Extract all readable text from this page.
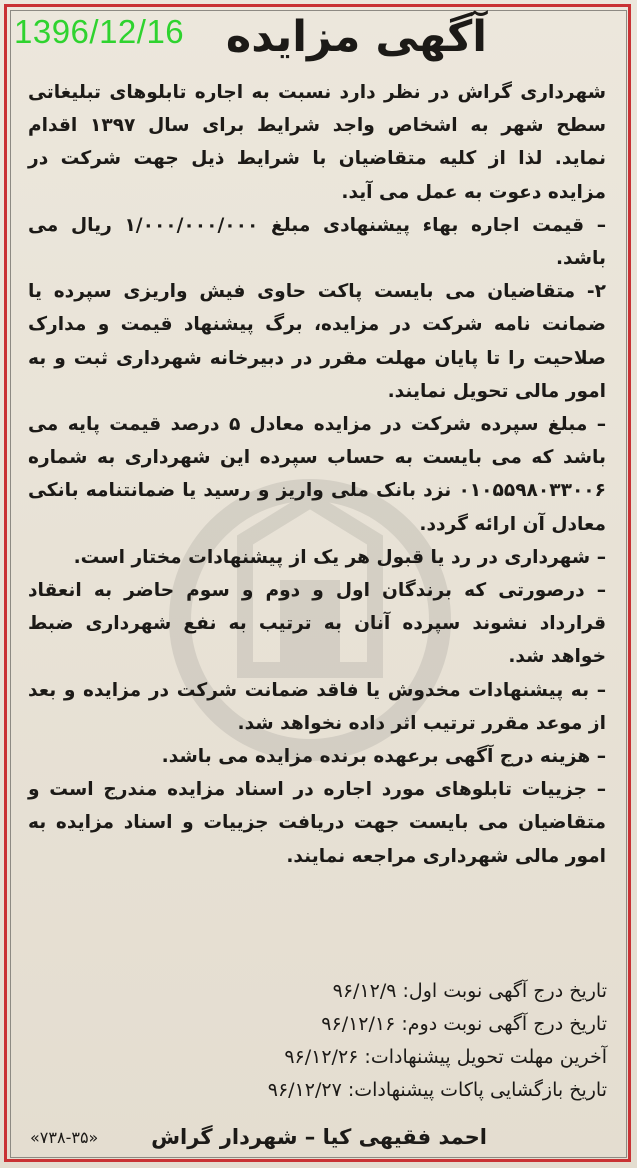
1396/12/16 آگهی مزایده

شهرداری گراش در نظر دارد نسبت به اجاره تابلوهای تبلیغاتی سطح شهر به اشخاص واجد شرایط برای سال ۱۳۹۷ اقدام نماید. لذا از کلیه متقاضیان با شرایط ذیل جهت شرکت در مزایده دعوت به عمل می آید.

– قیمت اجاره بهاء پیشنهادی مبلغ ۱/۰۰۰/۰۰۰/۰۰۰ ریال می باشد.

۲- متقاضیان می بایست پاکت حاوی فیش واریزی سپرده یا ضمانت نامه شرکت در مزایده، برگ پیشنهاد قیمت و مدارک صلاحیت را تا پایان مهلت مقرر در دبیرخانه شهرداری ثبت و به امور مالی تحویل نمایند.

– مبلغ سپرده شرکت در مزایده معادل ۵ درصد قیمت پایه می باشد که می بایست به حساب سپرده این شهرداری به شماره ۰۱۰۵۵۹۸۰۳۳۰۰۶ نزد بانک ملی واریز و رسید یا ضمانتنامه بانکی معادل آن ارائه گردد.

– شهرداری در رد یا قبول هر یک از پیشنهادات مختار است.

– درصورتی که برندگان اول و دوم و سوم حاضر به انعقاد قرارداد نشوند سپرده آنان به ترتیب به نفع شهرداری ضبط خواهد شد.

– به پیشنهادات مخدوش یا فاقد ضمانت شرکت در مزایده و بعد از موعد مقرر ترتیب اثر داده نخواهد شد.

– هزینه درج آگهی برعهده برنده مزایده می باشد.

– جزییات تابلوهای مورد اجاره در اسناد مزایده مندرج است و متقاضیان می بایست جهت دریافت جزییات و اسناد مزایده به امور مالی شهرداری مراجعه نمایند.

تاریخ درج آگهی نوبت اول: ۹۶/۱۲/۹
تاریخ درج آگهی نوبت دوم: ۹۶/۱۲/۱۶
آخرین مهلت تحویل پیشنهادات: ۹۶/۱۲/۲۶
تاریخ بازگشایی پاکات پیشنهادات: ۹۶/۱۲/۲۷
احمد فقیهی کیا – شهردار گراش
«۷۳۸-۳۵»
